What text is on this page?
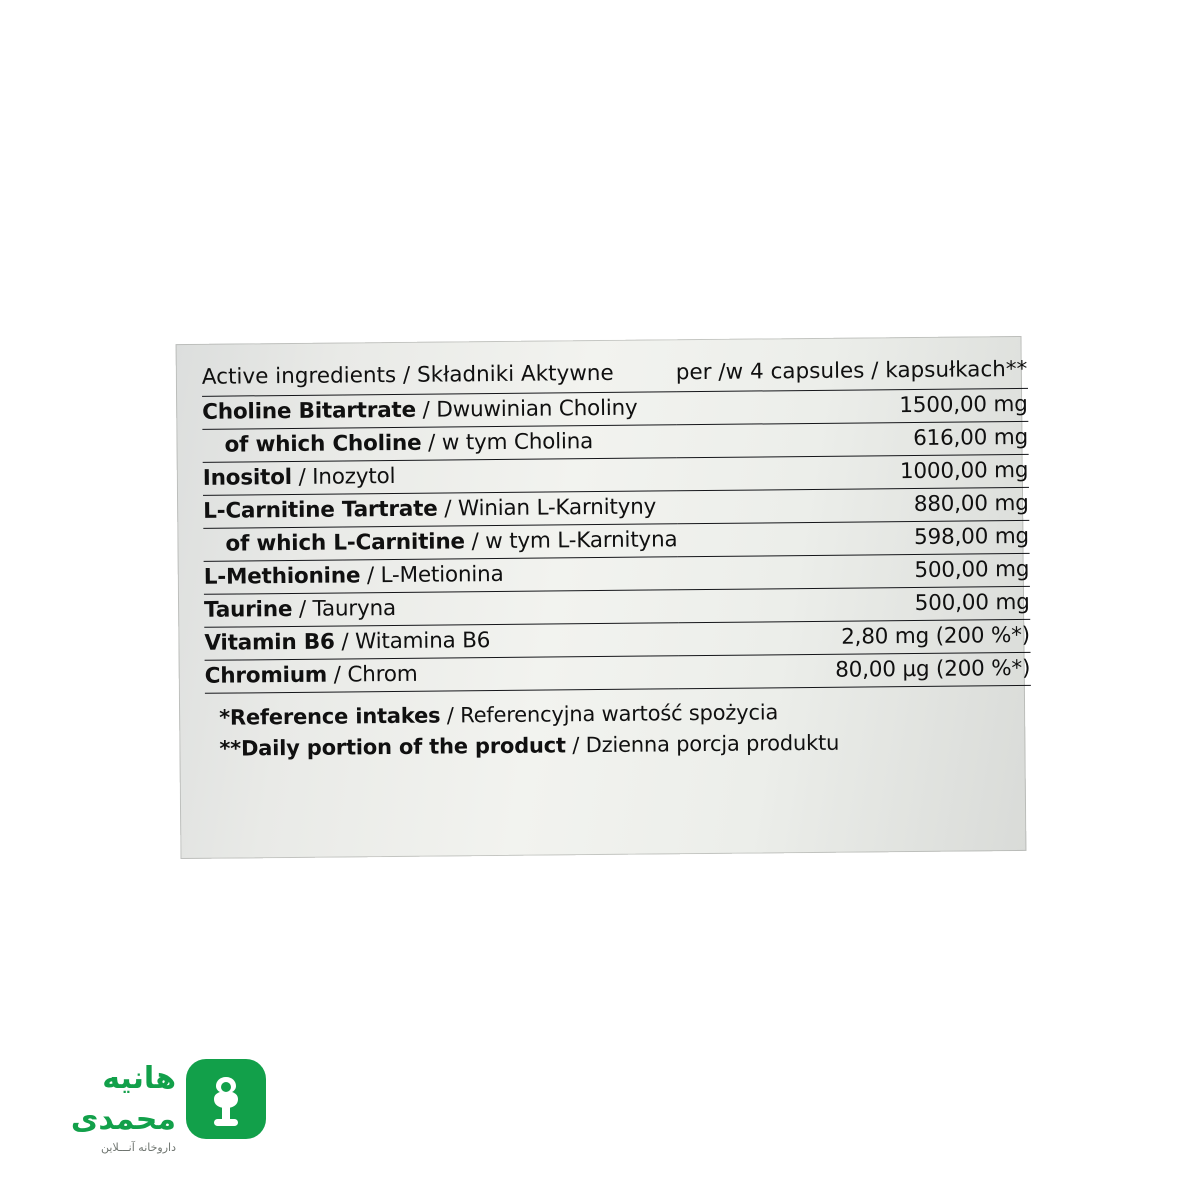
Active ingredients / Składniki Aktywne	per /w 4 capsules / kapsułkach**
Choline Bitartrate / Dwuwinian Choliny	1500,00 mg
of which Choline / w tym Cholina	616,00 mg
Inositol / Inozytol	1000,00 mg
L-Carnitine Tartrate / Winian L-Karnityny	880,00 mg
of which L-Carnitine / w tym L-Karnityna	598,00 mg
L-Methionine / L-Metionina	500,00 mg
Taurine / Tauryna	500,00 mg
Vitamin B6 / Witamina B6	2,80 mg (200 %*)
Chromium / Chrom	80,00 µg (200 %*)

*Reference intakes / Referencyjna wartość spożycia

**Daily portion of the product / Dzienna porcja produktu

هانیه
محمدی
داروخانه آنـــلاین
